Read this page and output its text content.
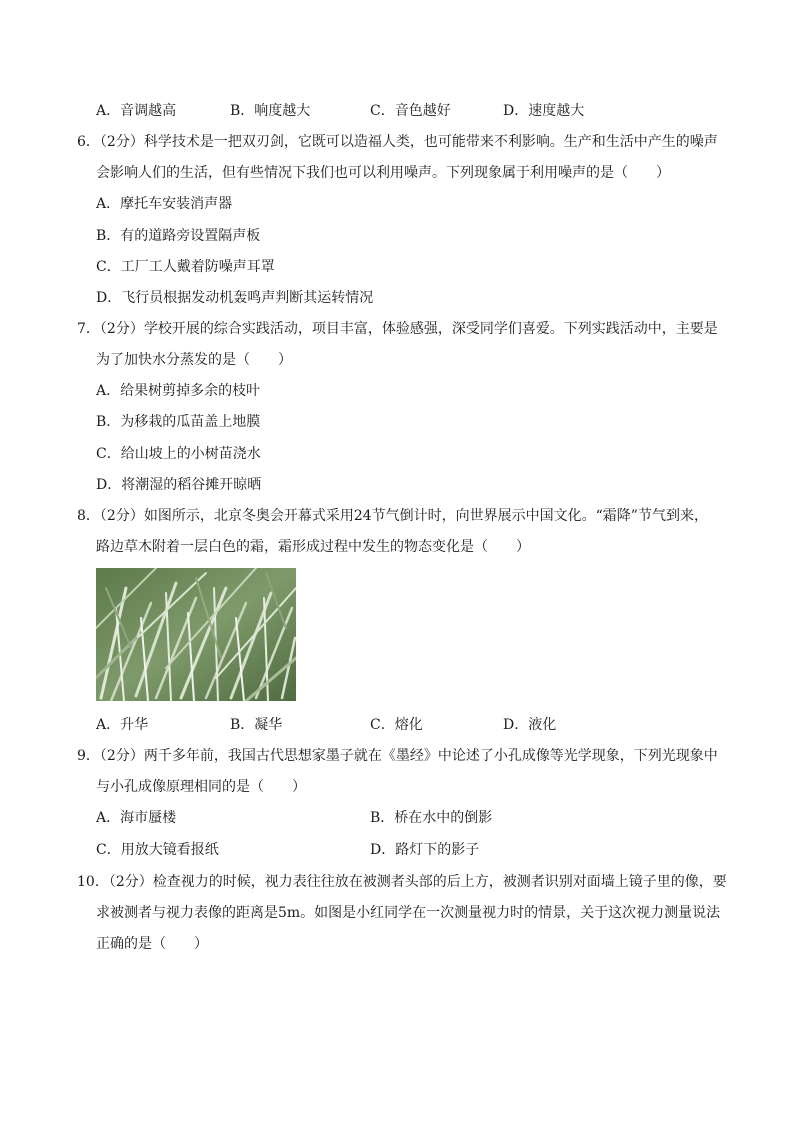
A．音调越高	B．响度越大	C．音色越好	D．速度越大
6．（2分）科学技术是一把双刃剑，它既可以造福人类，也可能带来不利影响。生产和生活中产生的噪声
会影响人们的生活，但有些情况下我们也可以利用噪声。下列现象属于利用噪声的是（　　）
A．摩托车安装消声器
B．有的道路旁设置隔声板
C．工厂工人戴着防噪声耳罩
D．飞行员根据发动机轰鸣声判断其运转情况
7．（2分）学校开展的综合实践活动，项目丰富，体验感强，深受同学们喜爱。下列实践活动中，主要是
为了加快水分蒸发的是（　　）
A．给果树剪掉多余的枝叶
B．为移栽的瓜苗盖上地膜
C．给山坡上的小树苗浇水
D．将潮湿的稻谷摊开晾晒
8．（2分）如图所示，北京冬奥会开幕式采用24节气倒计时，向世界展示中国文化。“霜降”节气到来，
路边草木附着一层白色的霜，霜形成过程中发生的物态变化是（　　）
A．升华	B．凝华	C．熔化	D．液化
9．（2分）两千多年前，我国古代思想家墨子就在《墨经》中论述了小孔成像等光学现象，下列光现象中
与小孔成像原理相同的是（　　）
A．海市蜃楼	B．桥在水中的倒影
C．用放大镜看报纸	D．路灯下的影子
10．（2分）检查视力的时候，视力表往往放在被测者头部的后上方，被测者识别对面墙上镜子里的像，要
求被测者与视力表像的距离是5m。如图是小红同学在一次测量视力时的情景，关于这次视力测量说法
正确的是（　　）
